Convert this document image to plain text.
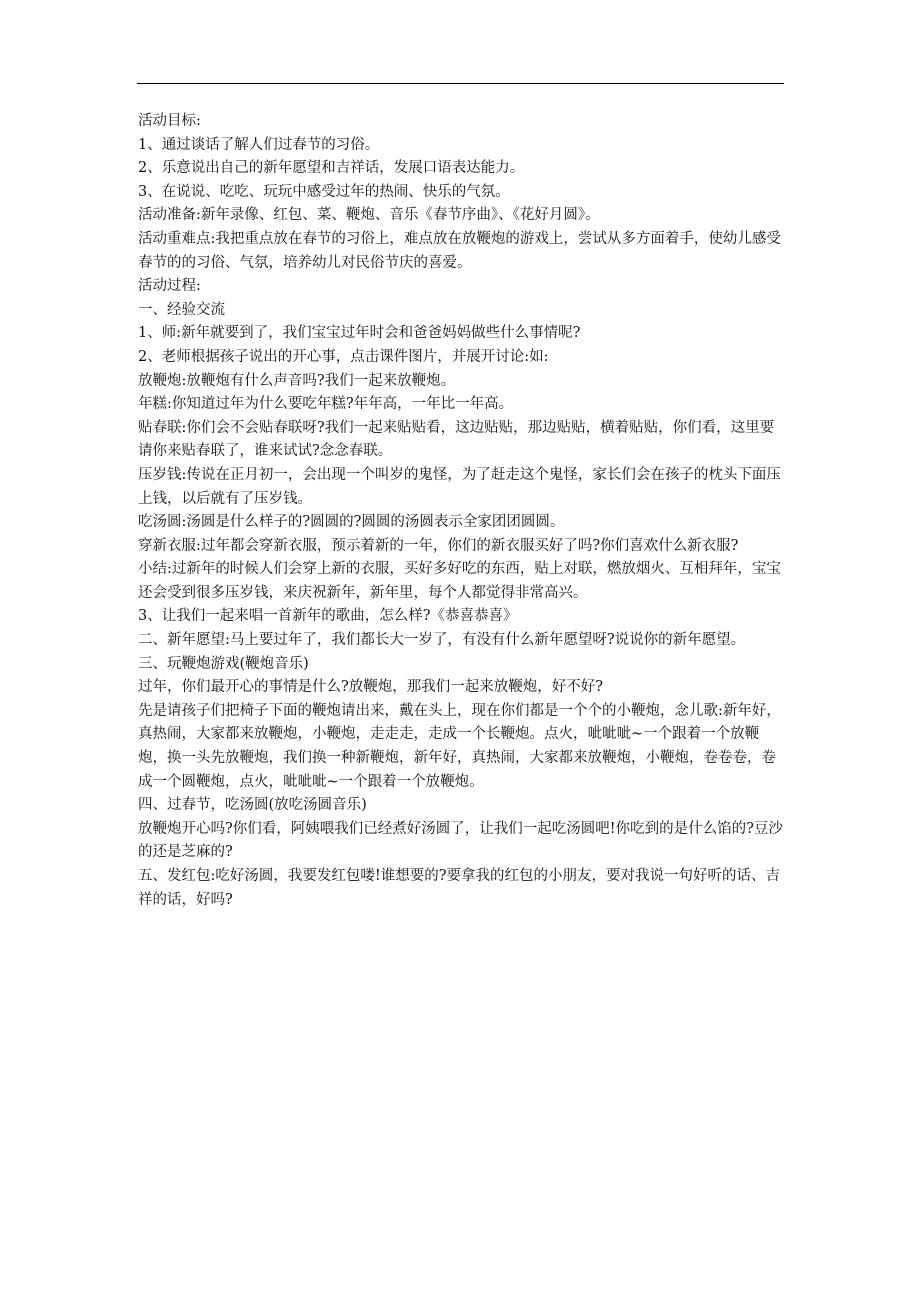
活动目标:

1、通过谈话了解人们过春节的习俗。

2、乐意说出自己的新年愿望和吉祥话，发展口语表达能力。

3、在说说、吃吃、玩玩中感受过年的热闹、快乐的气氛。

活动准备:新年录像、红包、菜、鞭炮、音乐《春节序曲》、《花好月圆》。

活动重难点:我把重点放在春节的习俗上，难点放在放鞭炮的游戏上，尝试从多方面着手，使幼儿感受春节的的习俗、气氛，培养幼儿对民俗节庆的喜爱。

活动过程:

一、经验交流

1、师:新年就要到了，我们宝宝过年时会和爸爸妈妈做些什么事情呢?

2、老师根据孩子说出的开心事，点击课件图片，并展开讨论:如:

放鞭炮:放鞭炮有什么声音吗?我们一起来放鞭炮。

年糕:你知道过年为什么要吃年糕?年年高，一年比一年高。

贴春联:你们会不会贴春联呀?我们一起来贴贴看，这边贴贴，那边贴贴，横着贴贴，你们看，这里要请你来贴春联了，谁来试试?念念春联。

压岁钱:传说在正月初一，会出现一个叫岁的鬼怪，为了赶走这个鬼怪，家长们会在孩子的枕头下面压上钱，以后就有了压岁钱。

吃汤圆:汤圆是什么样子的?圆圆的?圆圆的汤圆表示全家团团圆圆。

穿新衣服:过年都会穿新衣服，预示着新的一年，你们的新衣服买好了吗?你们喜欢什么新衣服?

小结:过新年的时候人们会穿上新的衣服，买好多好吃的东西，贴上对联，燃放烟火、互相拜年，宝宝还会受到很多压岁钱，来庆祝新年，新年里，每个人都觉得非常高兴。

3、让我们一起来唱一首新年的歌曲，怎么样?《恭喜恭喜》

二、新年愿望:马上要过年了，我们都长大一岁了，有没有什么新年愿望呀?说说你的新年愿望。

三、玩鞭炮游戏(鞭炮音乐)

过年，你们最开心的事情是什么?放鞭炮，那我们一起来放鞭炮，好不好?

先是请孩子们把椅子下面的鞭炮请出来，戴在头上，现在你们都是一个个的小鞭炮，念儿歌:新年好，真热闹，大家都来放鞭炮，小鞭炮，走走走，走成一个长鞭炮。点火，呲呲呲~一个跟着一个放鞭炮，换一头先放鞭炮，我们换一种新鞭炮，新年好，真热闹，大家都来放鞭炮，小鞭炮，卷卷卷，卷成一个圆鞭炮，点火，呲呲呲~一个跟着一个放鞭炮。

四、过春节，吃汤圆(放吃汤圆音乐)

放鞭炮开心吗?你们看，阿姨喂我们已经煮好汤圆了，让我们一起吃汤圆吧!你吃到的是什么馅的?豆沙的还是芝麻的?

五、发红包:吃好汤圆，我要发红包喽!谁想要的?要拿我的红包的小朋友，要对我说一句好听的话、吉祥的话，好吗?
